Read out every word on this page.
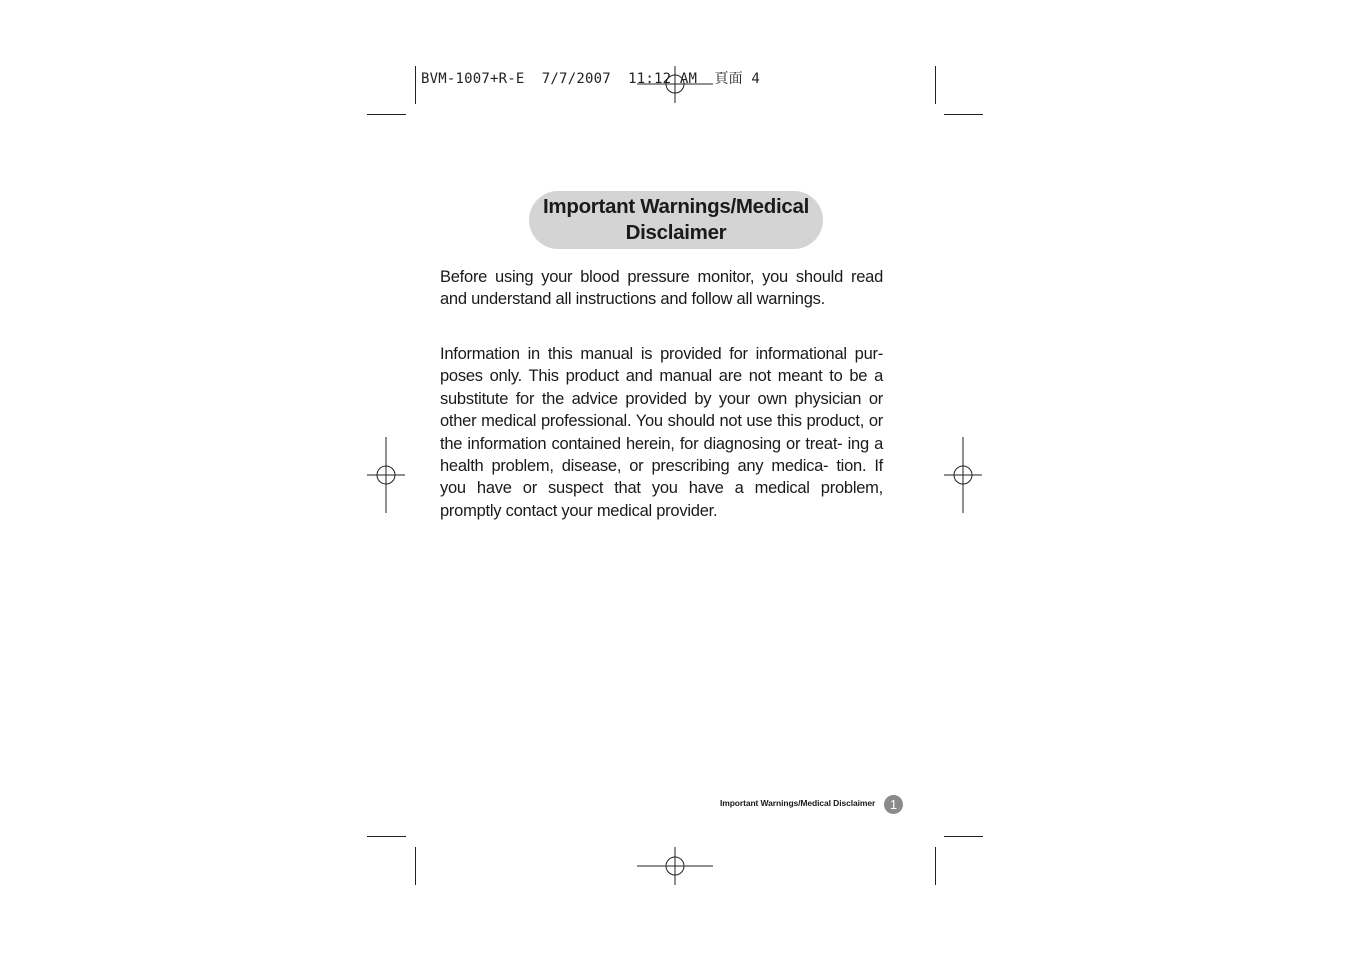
BVM-1007+R-E  7/7/2007  11:12 AM  頁面 4
Important Warnings/Medical
Disclaimer

Before using your blood pressure monitor, you should read and understand all instructions and follow all warnings.

Information in this manual is provided for informational pur- poses only. This product and manual are not meant to be a substitute for the advice provided by your own physician or other medical professional. You should not use this product, or the information contained herein, for diagnosing or treat- ing a health problem, disease, or prescribing any medica- tion. If you have or suspect that you have a medical problem, promptly contact your medical provider.

Important Warnings/Medical Disclaimer	1
